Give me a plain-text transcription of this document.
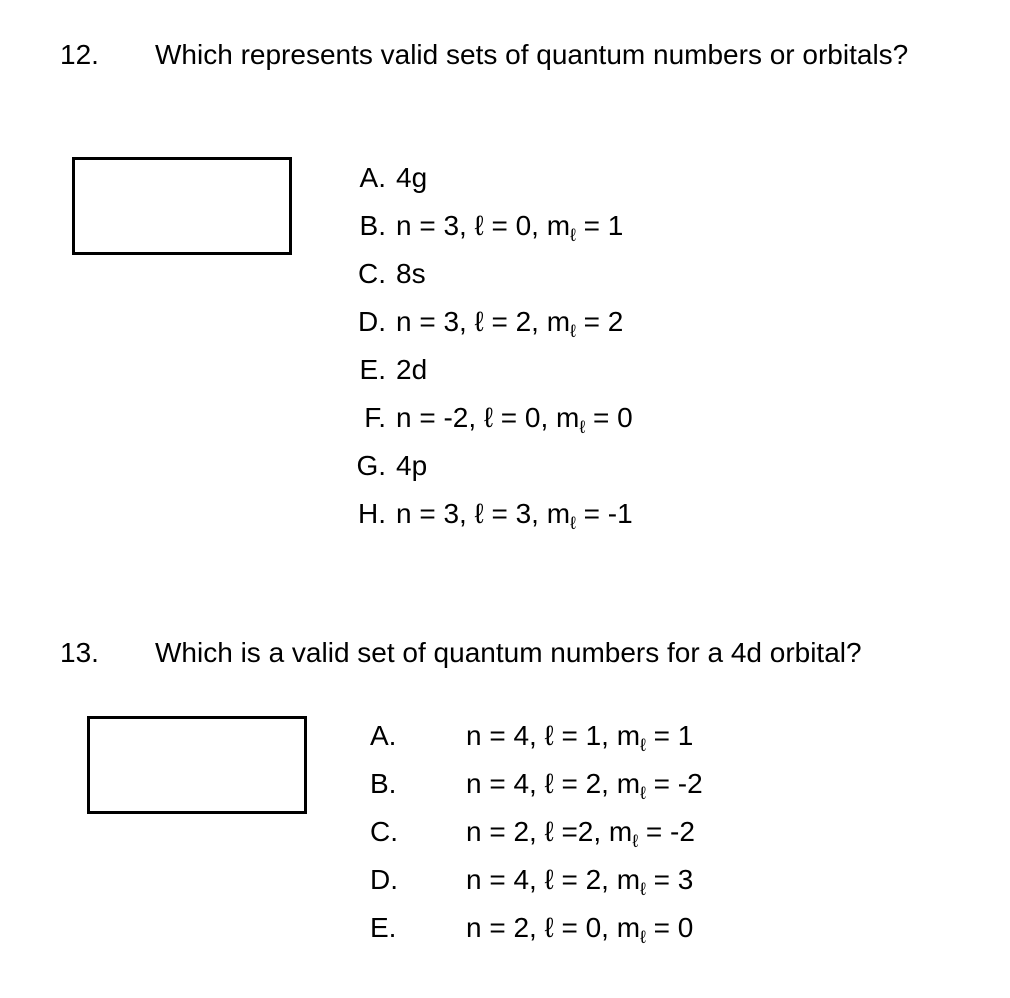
12. Which represents valid sets of quantum numbers or orbitals?
A. 4g
B. n = 3, ℓ = 0, $m_\ell = 1$
C. 8s
D. n = 3, ℓ = 2, $m_\ell = 2$
E. 2d
F. n = -2, ℓ = 0, $m_\ell = 0$
G. 4p
H. n = 3, ℓ = 3, $m_\ell = -1$
13. Which is a valid set of quantum numbers for a 4d orbital?
A. n = 4, ℓ = 1, $m_\ell = 1$
B. n = 4, ℓ = 2, $m_\ell = -2$
C. n = 2, ℓ =2, $m_\ell = -2$
D. n = 4, ℓ = 2, $m_\ell = 3$
E. n = 2, ℓ = 0, $m_\ell = 0$
